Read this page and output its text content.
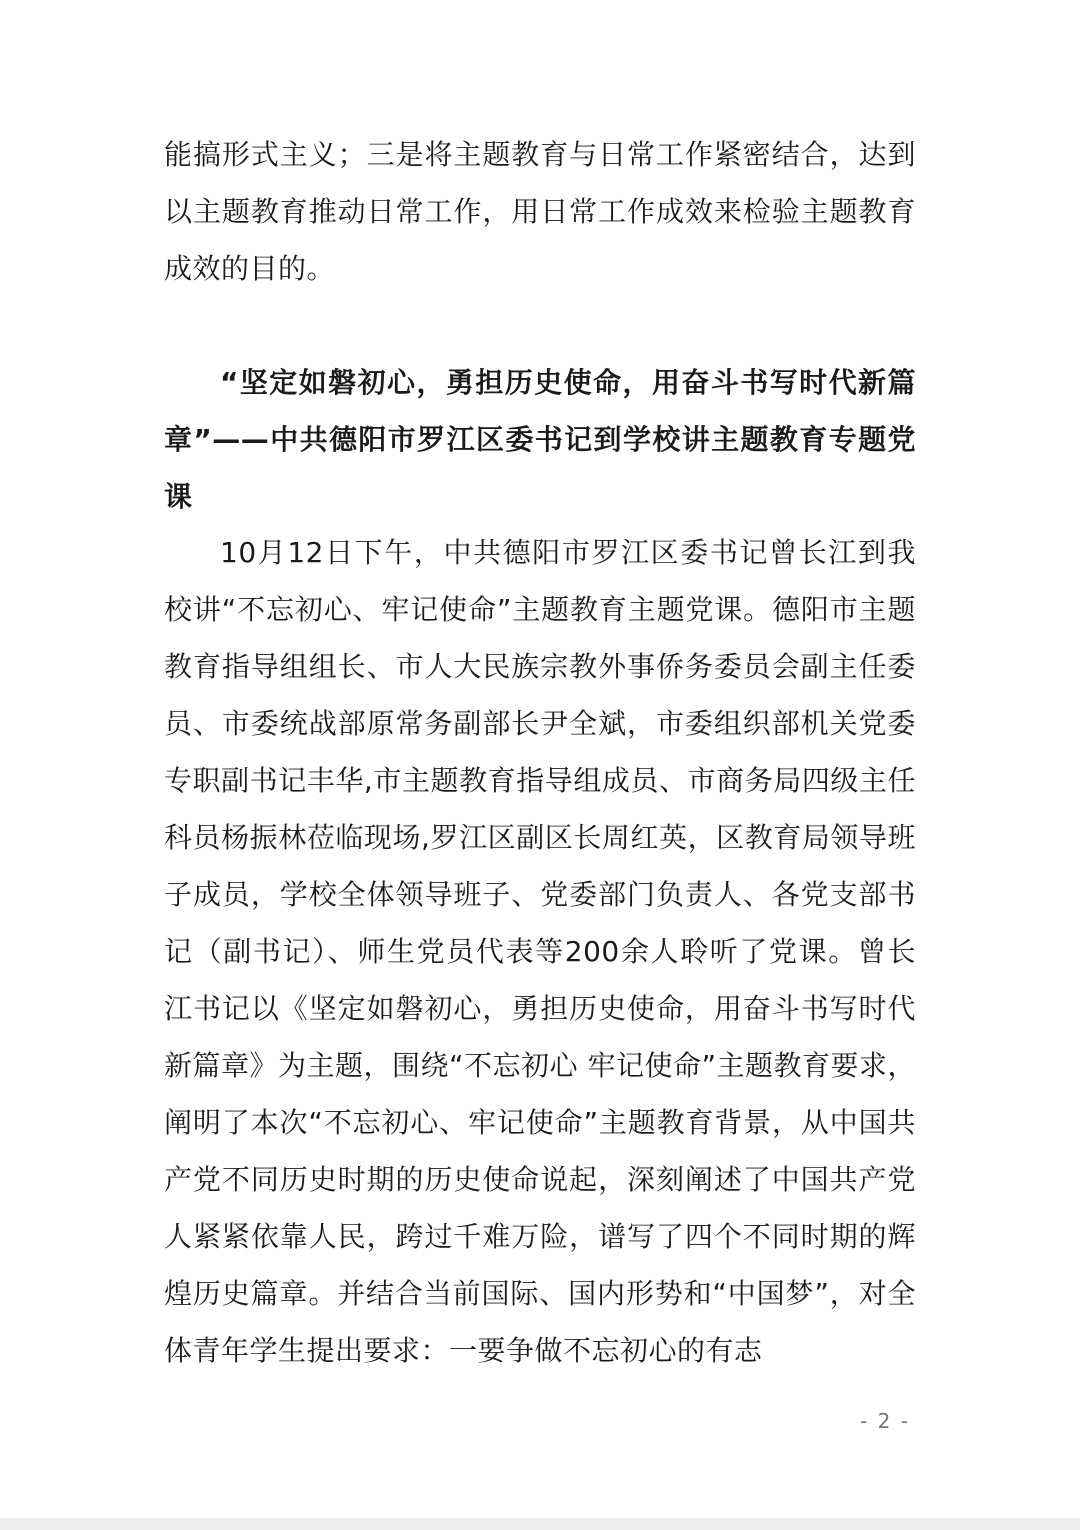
能搞形式主义；三是将主题教育与日常工作紧密结合，达到以主题教育推动日常工作，用日常工作成效来检验主题教育成效的目的。

“坚定如磐初心，勇担历史使命，用奋斗书写时代新篇章”——中共德阳市罗江区委书记到学校讲主题教育专题党课

10月12日下午，中共德阳市罗江区委书记曾长江到我校讲“不忘初心、牢记使命”主题教育主题党课。德阳市主题教育指导组组长、市人大民族宗教外事侨务委员会副主任委员、市委统战部原常务副部长尹全斌，市委组织部机关党委专职副书记丰华,市主题教育指导组成员、市商务局四级主任科员杨振林莅临现场,罗江区副区长周红英，区教育局领导班子成员，学校全体领导班子、党委部门负责人、各党支部书记（副书记）、师生党员代表等200余人聆听了党课。曾长江书记以《坚定如磐初心，勇担历史使命，用奋斗书写时代新篇章》为主题，围绕“不忘初心 牢记使命”主题教育要求，阐明了本次“不忘初心、牢记使命”主题教育背景，从中国共产党不同历史时期的历史使命说起，深刻阐述了中国共产党人紧紧依靠人民，跨过千难万险，谱写了四个不同时期的辉煌历史篇章。并结合当前国际、国内形势和“中国梦”，对全体青年学生提出要求：一要争做不忘初心的有志

- 2 -
